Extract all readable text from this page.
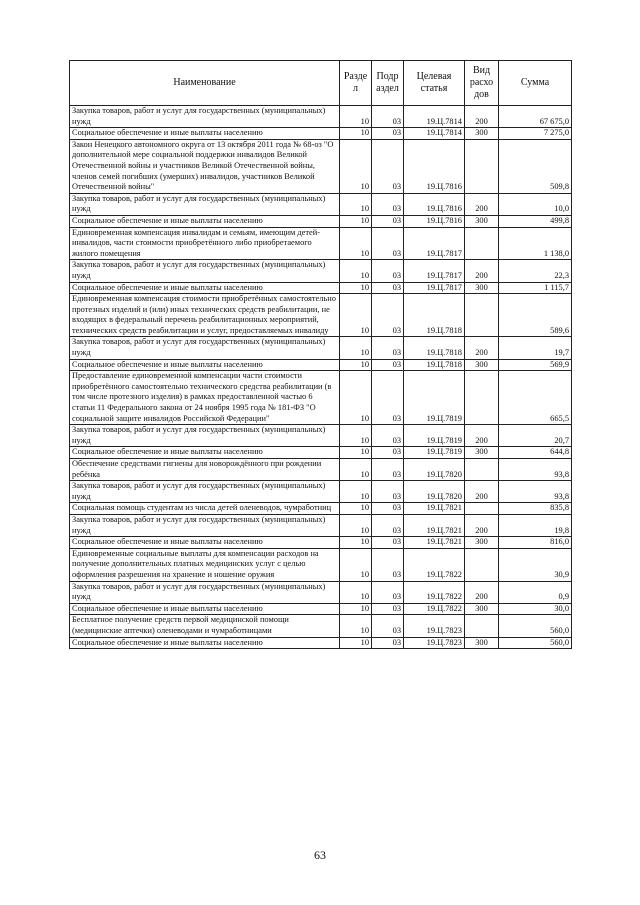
Наименование	Разде л	Подр аздел	Целевая статья	Вид расхо дов	Сумма
Закупка товаров, работ и услуг для государственных (муниципальных) нужд	10	03	19.Ц.7814	200	67 675,0
Социальное обеспечение и иные выплаты населению	10	03	19.Ц.7814	300	7 275,0
Закон Ненецкого автономного округа от 13 октября 2011 года № 68-оз "О дополнительной мере социальной поддержки инвалидов Великой Отечественной войны и участников Великой Отечественной войны, членов семей погибших (умерших) инвалидов, участников Великой Отечественной войны"	10	03	19.Ц.7816		509,8
Закупка товаров, работ и услуг для государственных (муниципальных) нужд	10	03	19.Ц.7816	200	10,0
Социальное обеспечение и иные выплаты населению	10	03	19.Ц.7816	300	499,8
Единовременная компенсация инвалидам и семьям, имеющим детей-инвалидов, части стоимости приобретённого либо приобретаемого жилого помещения	10	03	19.Ц.7817		1 138,0
Закупка товаров, работ и услуг для государственных (муниципальных) нужд	10	03	19.Ц.7817	200	22,3
Социальное обеспечение и иные выплаты населению	10	03	19.Ц.7817	300	1 115,7
Единовременная компенсация стоимости приобретённых самостоятельно протезных изделий и (или) иных технических средств реабилитации, не входящих в федеральный перечень реабилитационных мероприятий, технических средств реабилитации и услуг, предоставляемых инвалиду	10	03	19.Ц.7818		589,6
Закупка товаров, работ и услуг для государственных (муниципальных) нужд	10	03	19.Ц.7818	200	19,7
Социальное обеспечение и иные выплаты населению	10	03	19.Ц.7818	300	569,9
Предоставление единовременной компенсации части стоимости приобретённого самостоятельно технического средства реабилитации (в том числе протезного изделия) в рамках предоставленной частью 6 статьи 11 Федерального закона от 24 ноября 1995 года № 181-ФЗ "О социальной защите инвалидов Российской Федерации"	10	03	19.Ц.7819		665,5
Закупка товаров, работ и услуг для государственных (муниципальных) нужд	10	03	19.Ц.7819	200	20,7
Социальное обеспечение и иные выплаты населению	10	03	19.Ц.7819	300	644,8
Обеспечение средствами гигиены для новорождённого при рождении ребёнка	10	03	19.Ц.7820		93,8
Закупка товаров, работ и услуг для государственных (муниципальных) нужд	10	03	19.Ц.7820	200	93,8
Социальная помощь студентам из числа детей оленеводов, чумработниц	10	03	19.Ц.7821		835,8
Закупка товаров, работ и услуг для государственных (муниципальных) нужд	10	03	19.Ц.7821	200	19,8
Социальное обеспечение и иные выплаты населению	10	03	19.Ц.7821	300	816,0
Единовременные социальные выплаты для компенсации расходов на получение дополнительных платных медицинских услуг с целью оформления разрешения на хранение и ношение оружия	10	03	19.Ц.7822		30,9
Закупка товаров, работ и услуг для государственных (муниципальных) нужд	10	03	19.Ц.7822	200	0,9
Социальное обеспечение и иные выплаты населению	10	03	19.Ц.7822	300	30,0
Бесплатное получение средств первой медицинской помощи (медицинские аптечки) оленеводами и чумработницами	10	03	19.Ц.7823		560,0
Социальное обеспечение и иные выплаты населению	10	03	19.Ц.7823	300	560,0
63
